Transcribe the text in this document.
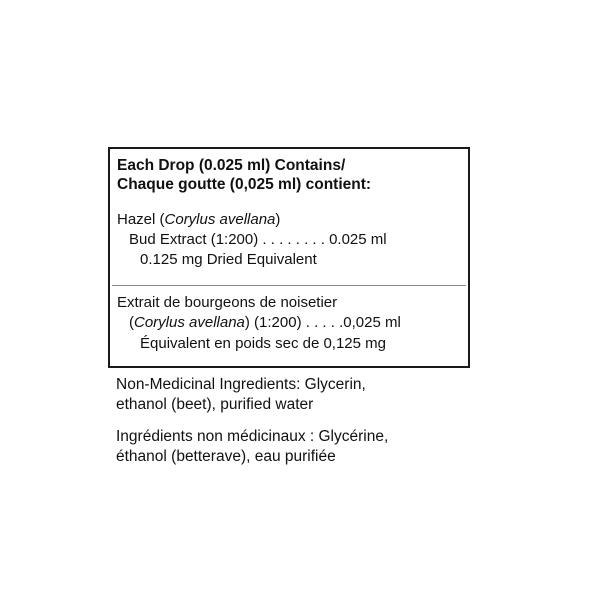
Each Drop (0.025 ml) Contains/
Chaque goutte (0,025 ml) contient:
Hazel (Corylus avellana)
Bud Extract (1:200) . . . . . . . . 0.025 ml
0.125 mg Dried Equivalent
Extrait de bourgeons de noisetier
(Corylus avellana) (1:200) . . . . .0,025 ml
Équivalent en poids sec de 0,125 mg
Non-Medicinal Ingredients: Glycerin,
ethanol (beet), purified water
Ingrédients non médicinaux : Glycérine,
éthanol (betterave), eau purifiée
